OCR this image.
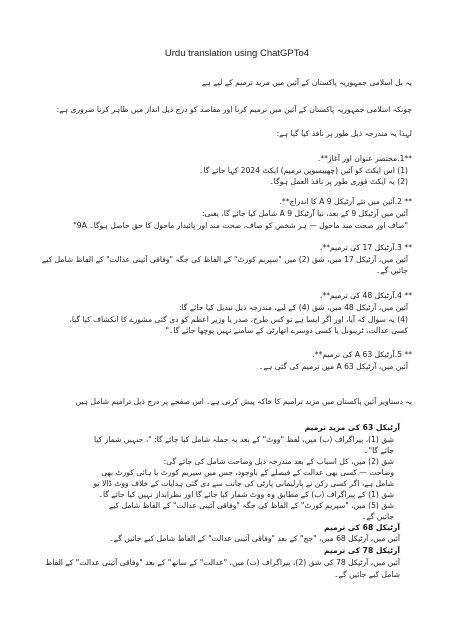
Urdu translation using ChatGPTo4
یہ بل اسلامی جمہوریہ پاکستان کے آئین میں مزید ترمیم کے لیے ہے
چونکہ اسلامی جمہوریہ پاکستان کے آئین میں ترمیم کرنا اور مقاصد کو درج ذیل انداز میں ظاہر کرنا ضروری ہے:
لہذا یہ مندرجہ ذیل طور پر نافذ کیا گیا ہے:
**1.مختصر عنوان اور آغاز**.
(1) اس ایکٹ کو آئین (چھبیسویں ترمیم) ایکٹ 2024 کہا جائے گا۔
(2) یہ ایکٹ فوری طور پر نافذ العمل ہوگا۔
** 2.آئین میں نئے آرٹیکل 9 A کا اندراج**.
آئین میں آرٹیکل 9 کے بعد، نیا آرٹیکل 9 A شامل کیا جائے گا، یعنی:
"9A صاف اور صحت مند ماحول — ہر شخص کو صاف، صحت مند اور پائیدار ماحول کا حق حاصل ہوگا۔"
** 3.آرٹیکل 17 کی ترمیم**.
آئین میں، آرٹیکل 17 میں، شق (2) میں "سپریم کورٹ" کے الفاظ کی جگہ "وفاقی آئینی عدالت" کے الفاظ شامل کیے
جائیں گے۔
** 4.آرٹیکل 48 کی ترمیم**.
آئین میں، آرٹیکل 48 میں، شق (4) کے لیے، مندرجہ ذیل تبدیل کیا جائے گا:
(4) یہ سوال کہ آیا، اور اگر ایسا ہے تو کس طرح، صدر یا وزیر اعظم کو دی گئی مشورے کا انکشاف کیا گیا،
کسی عدالت، ٹریبونل یا کسی دوسرے اتھارٹی کے سامنے نہیں پوچھا جائے گا۔"
** 5.آرٹیکل 63 A کی ترمیم**.
آئین میں، آرٹیکل 63 A میں ترمیم کی گئی ہے۔
یہ دستاویز آئین پاکستان میں مزید ترامیم کا خاکہ پیش کرتی ہے۔ اس صفحے پر درج ذیل ترامیم شامل ہیں
آرٹیکل 63 کی مزید ترمیم
شق (1)، پیراگراف (ب) میں، لفظ "ووٹ" کے بعد یہ جملہ شامل کیا جائے گا: "، جنہیں شمار کیا
جائے گا"۔
شق (2) میں، کل اسباب کے بعد مندرجہ ذیل وضاحت شامل کی جائے گی:
وضاحت — کسی بھی عدالت کے فیصلے کے باوجود، جس میں سپریم کورٹ یا ہائی کورٹ بھی
شامل ہے، اگر کسی رکن نے پارلیمانی پارٹی کی جانب سے دی گئی ہدایات کے خلاف ووٹ ڈالا تو
شق (1) کے پیراگراف (ب) کے مطابق وہ ووٹ شمار کیا جائے گا اور نظرانداز نہیں کیا جائے گا۔
شق (5) میں، "سپریم کورٹ" کے الفاظ کی جگہ "وفاقی آئینی عدالت" کے الفاظ شامل کیے
جائیں گے۔
آرٹیکل 68 کی ترمیم
آئین میں، آرٹیکل 68 میں، "جج" کے بعد "وفاقی آئینی عدالت" کے الفاظ شامل کیے جائیں گے۔
آرٹیکل 78 کی ترمیم
آئین میں، آرٹیکل 78 کی شق (2)، پیراگراف (ب) میں، "عدالت" کے ساتھ" کے بعد "وفاقی آئینی عدالت" کے الفاظ
شامل کیے جائیں گے۔
